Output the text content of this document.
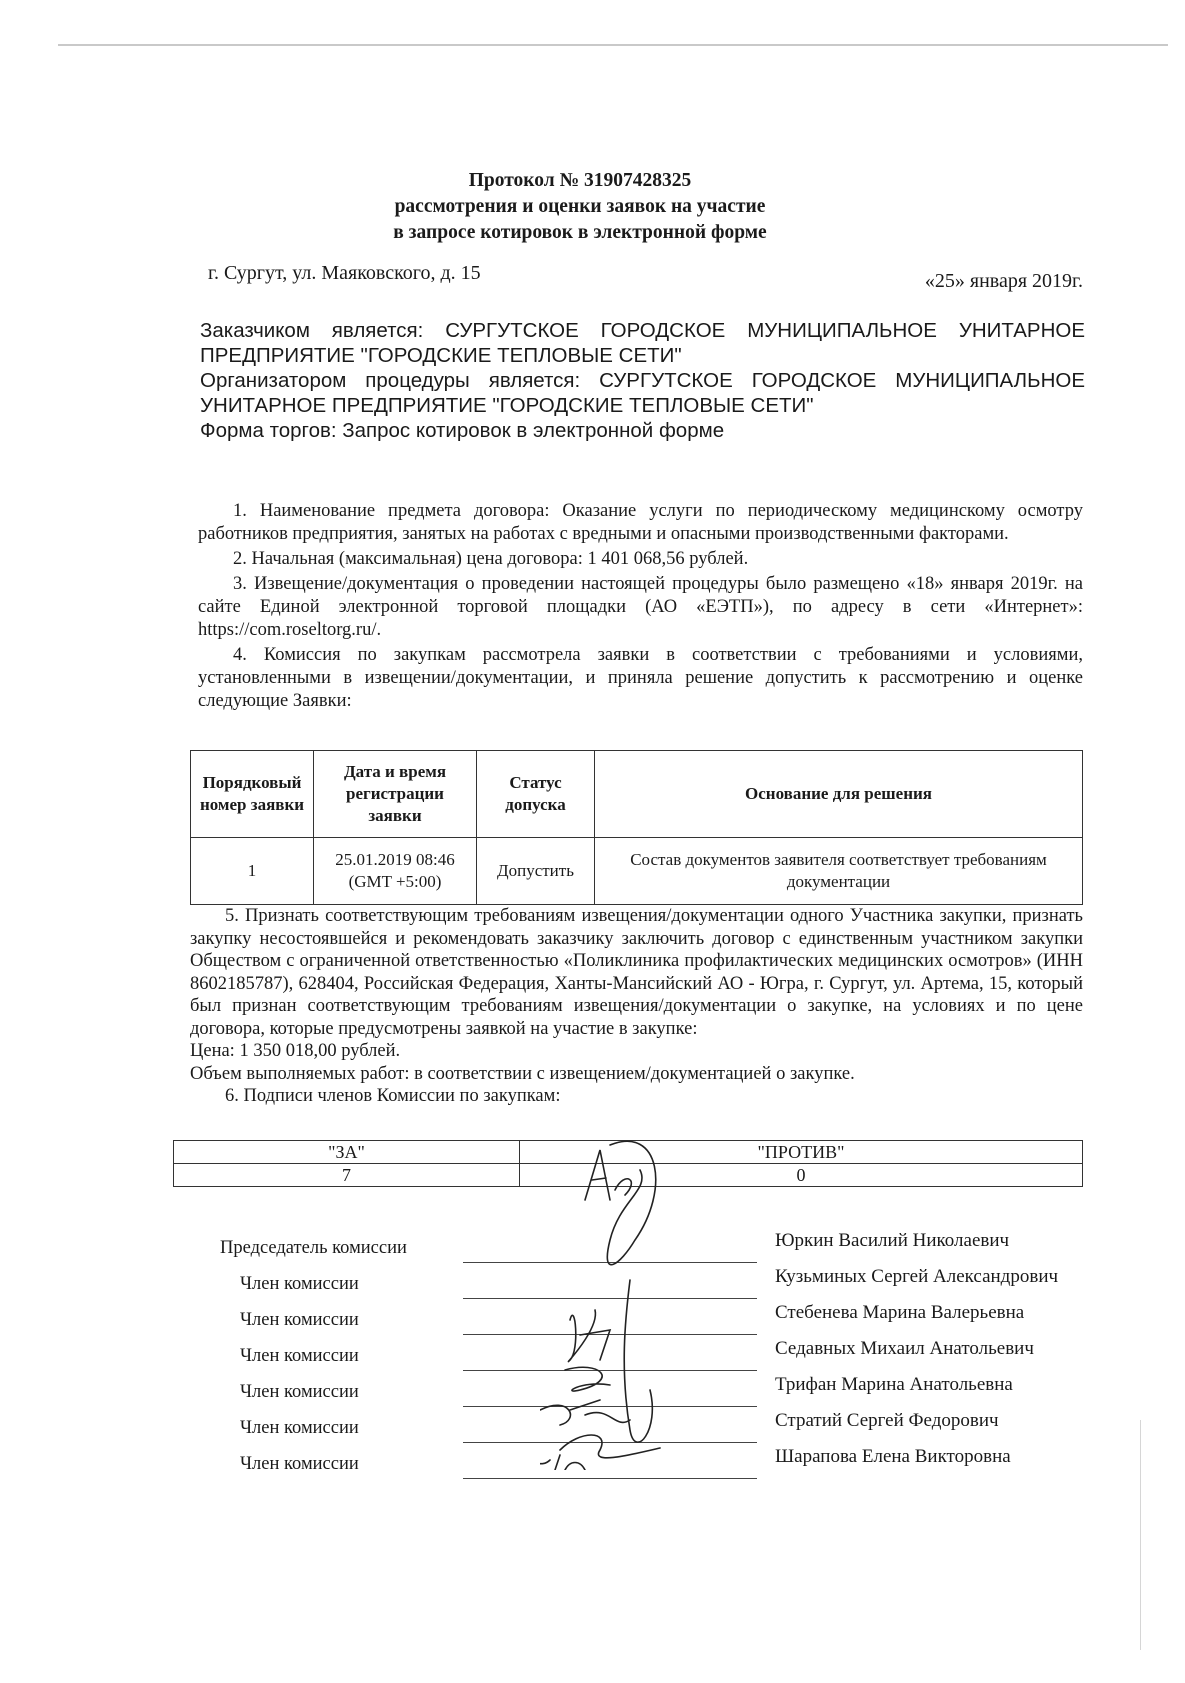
Протокол № 31907428325
рассмотрения и оценки заявок на участие
в запросе котировок в электронной форме
г. Сургут, ул. Маяковского, д. 15	«25» января 2019г.

Заказчиком является: СУРГУТСКОЕ ГОРОДСКОЕ МУНИЦИПАЛЬНОЕ УНИТАРНОЕ ПРЕДПРИЯТИЕ "ГОРОДСКИЕ ТЕПЛОВЫЕ СЕТИ"

Организатором процедуры является: СУРГУТСКОЕ ГОРОДСКОЕ МУНИЦИПАЛЬНОЕ УНИТАРНОЕ ПРЕДПРИЯТИЕ "ГОРОДСКИЕ ТЕПЛОВЫЕ СЕТИ"

Форма торгов: Запрос котировок в электронной форме

1. Наименование предмета договора: Оказание услуги по периодическому медицинскому осмотру работников предприятия, занятых на работах с вредными и опасными производственными факторами.

2. Начальная (максимальная) цена договора: 1 401 068,56 рублей.

3. Извещение/документация о проведении настоящей процедуры было размещено «18» января 2019г. на сайте Единой электронной торговой площадки (АО «ЕЭТП»), по адресу в сети «Интернет»: https://com.roseltorg.ru/.

4. Комиссия по закупкам рассмотрела заявки в соответствии с требованиями и условиями, установленными в извещении/документации, и приняла решение допустить к рассмотрению и оценке следующие Заявки:

Порядковый номер заявки	Дата и время регистрации заявки	Статус допуска	Основание для решения
1	25.01.2019 08:46 (GMT +5:00)	Допустить	Состав документов заявителя соответствует требованиям документации

5. Признать соответствующим требованиям извещения/документации одного Участника закупки, признать закупку несостоявшейся и рекомендовать заказчику заключить договор с единственным участником закупки Обществом с ограниченной ответственностью «Поликлиника профилактических медицинских осмотров» (ИНН 8602185787), 628404, Российская Федерация, Ханты-Мансийский АО - Югра, г. Сургут, ул. Артема, 15, который был признан соответствующим требованиям извещения/документации о закупке, на условиях и по цене договора, которые предусмотрены заявкой на участие в закупке:

Цена: 1 350 018,00 рублей.

Объем выполняемых работ: в соответствии с извещением/документацией о закупке.

6. Подписи членов Комиссии по закупкам:

"ЗА"	"ПРОТИВ"
7	0
Председатель комиссии	Юркин Василий Николаевич
Член комиссии	Кузьминых Сергей Александрович
Член комиссии	Стебенева Марина Валерьевна
Член комиссии	Седавных Михаил Анатольевич
Член комиссии	Трифан Марина Анатольевна
Член комиссии	Стратий Сергей Федорович
Член комиссии	Шарапова Елена Викторовна
